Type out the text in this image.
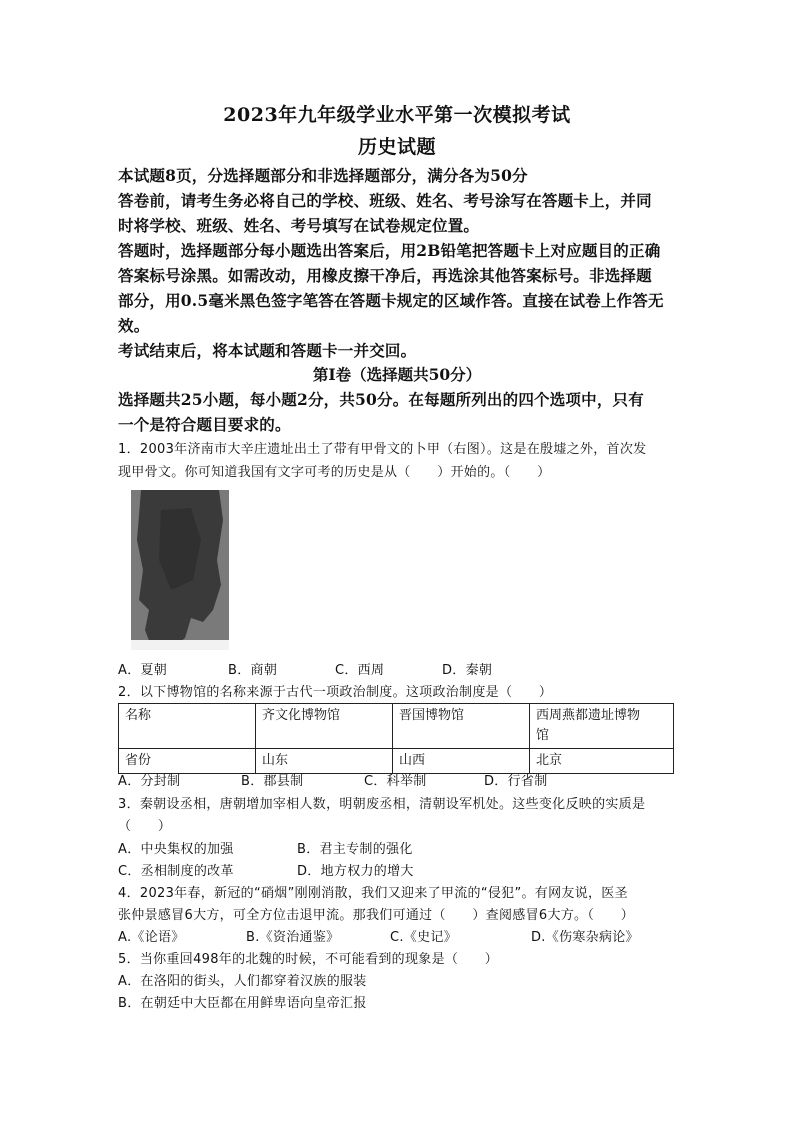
2023年九年级学业水平第一次模拟考试
历史试题
本试题8页，分选择题部分和非选择题部分，满分各为50分
答卷前，请考生务必将自己的学校、班级、姓名、考号涂写在答题卡上，并同
时将学校、班级、姓名、考号填写在试卷规定位置。
答题时，选择题部分每小题选出答案后，用2B铅笔把答题卡上对应题目的正确
答案标号涂黑。如需改动，用橡皮擦干净后，再选涂其他答案标号。非选择题
部分，用0.5毫米黑色签字笔答在答题卡规定的区域作答。直接在试卷上作答无
效。
考试结束后，将本试题和答题卡一并交回。
第Ⅰ卷（选择题共50分）
选择题共25小题，每小题2分，共50分。在每题所列出的四个选项中，只有
一个是符合题目要求的。
1．2003年济南市大辛庄遗址出土了带有甲骨文的卜甲（右图）。这是在殷墟之外，首次发
现甲骨文。你可知道我国有文字可考的历史是从（　　）开始的。（　　）
A．夏朝	B．商朝	C．西周	D．秦朝
2．以下博物馆的名称来源于古代一项政治制度。这项政治制度是（　　）
名称	齐文化博物馆	晋国博物馆	西周燕都遗址博物
馆
省份	山东	山西	北京
A．分封制	B．郡县制	C．科举制	D．行省制
3．秦朝设丞相，唐朝增加宰相人数，明朝废丞相，清朝设军机处。这些变化反映的实质是
（　　）
A．中央集权的加强	B．君主专制的强化
C．丞相制度的改革	D．地方权力的增大
4．2023年春，新冠的“硝烟”刚刚消散，我们又迎来了甲流的“侵犯”。有网友说，医圣
张仲景感冒6大方，可全方位击退甲流。那我们可通过（　　）查阅感冒6大方。（　　）
A.《论语》	B.《资治通鉴》	C.《史记》	D.《伤寒杂病论》
5．当你重回498年的北魏的时候，不可能看到的现象是（　　）
A．在洛阳的街头，人们都穿着汉族的服装
B．在朝廷中大臣都在用鲜卑语向皇帝汇报
